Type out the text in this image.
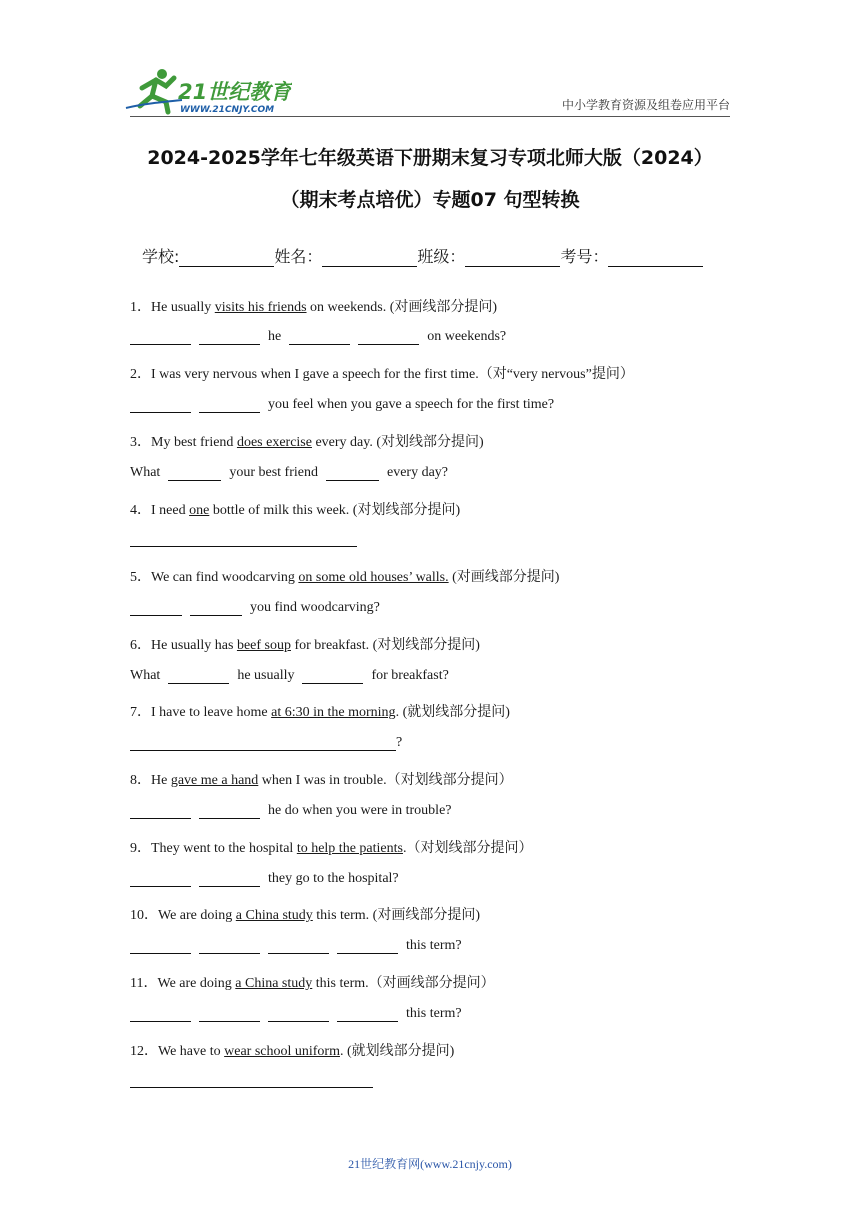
21世纪教育
WWW.21CNJY.COM	中小学教育资源及组卷应用平台
2024-2025学年七年级英语下册期末复习专项北师大版（2024）
（期末考点培优）专题07 句型转换
学校:	姓名：	班级：	考号：
1．He usually visits his friends on weekends. (对画线部分提问)
he	on weekends?
2．I was very nervous when I gave a speech for the first time.（对“very nervous”提问）
you feel when you gave a speech for the first time?
3．My best friend does exercise every day. (对划线部分提问)
What	your best friend	every day?
4．I need one bottle of milk this week. (对划线部分提问)
5．We can find woodcarving on some old houses’ walls. (对画线部分提问)
you find woodcarving?
6．He usually has beef soup for breakfast. (对划线部分提问)
What	he usually	for breakfast?
7．I have to leave home at 6:30 in the morning. (就划线部分提问)
?
8．He gave me a hand when I was in trouble.（对划线部分提问）
he do when you were in trouble?
9．They went to the hospital to help the patients.（对划线部分提问）
they go to the hospital?
10．We are doing a China study this term. (对画线部分提问)
this term?
11．We are doing a China study this term.（对画线部分提问）
this term?
12．We have to wear school uniform. (就划线部分提问)
21世纪教育网(www.21cnjy.com)
